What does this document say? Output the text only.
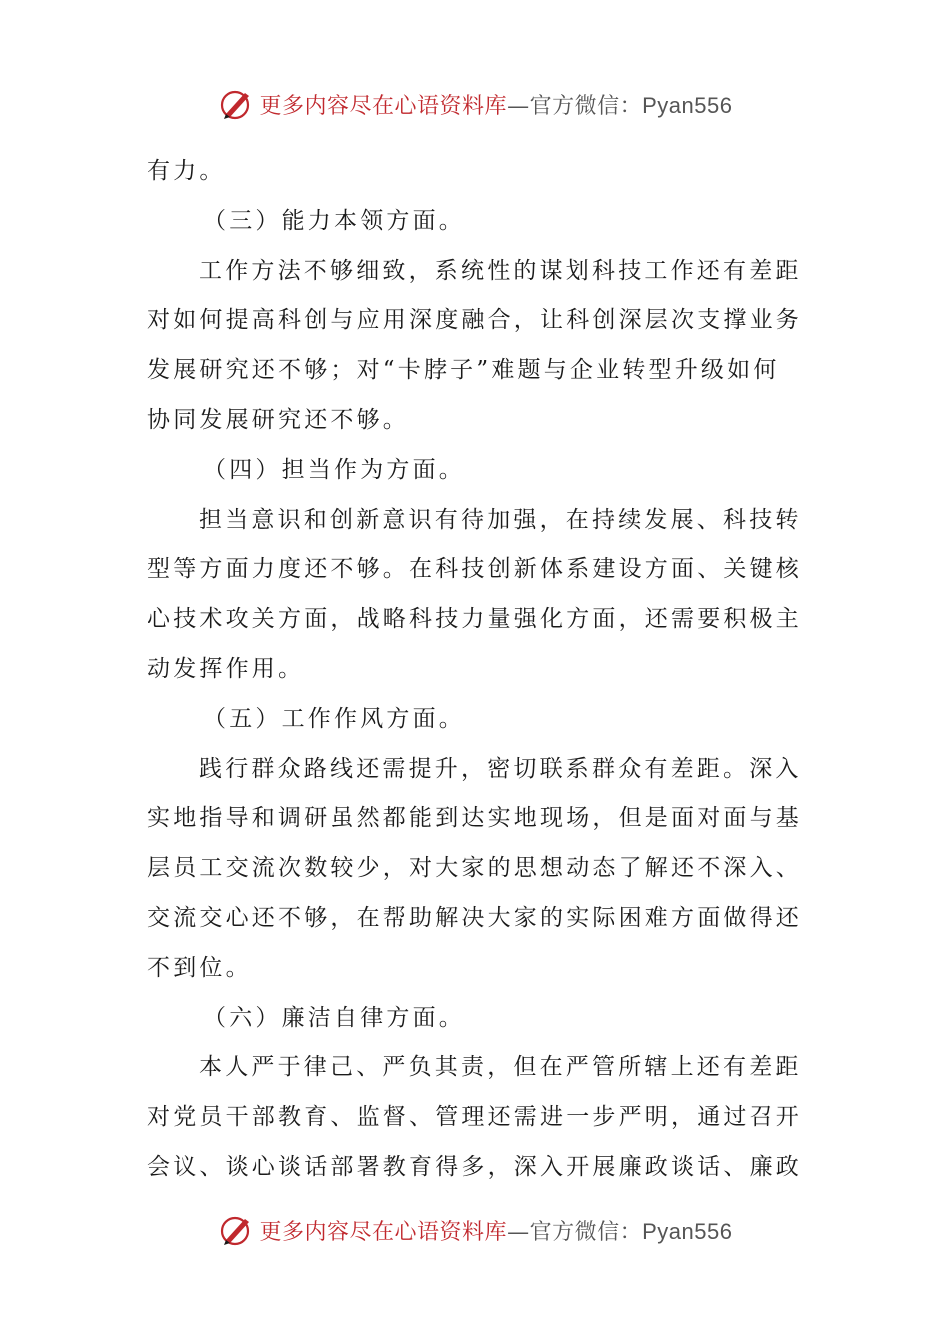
更多内容尽在心语资料库—官方微信：Pyan556
有力。
（三）能力本领方面。
工作方法不够细致，系统性的谋划科技工作还有差距
对如何提高科创与应用深度融合，让科创深层次支撑业务
发展研究还不够；对“卡脖子”难题与企业转型升级如何
协同发展研究还不够。
（四）担当作为方面。
担当意识和创新意识有待加强，在持续发展、科技转
型等方面力度还不够。在科技创新体系建设方面、关键核
心技术攻关方面，战略科技力量强化方面，还需要积极主
动发挥作用。
（五）工作作风方面。
践行群众路线还需提升，密切联系群众有差距。深入
实地指导和调研虽然都能到达实地现场，但是面对面与基
层员工交流次数较少，对大家的思想动态了解还不深入、
交流交心还不够，在帮助解决大家的实际困难方面做得还
不到位。
（六）廉洁自律方面。
本人严于律己、严负其责，但在严管所辖上还有差距
对党员干部教育、监督、管理还需进一步严明，通过召开
会议、谈心谈话部署教育得多，深入开展廉政谈话、廉政
更多内容尽在心语资料库—官方微信：Pyan556
